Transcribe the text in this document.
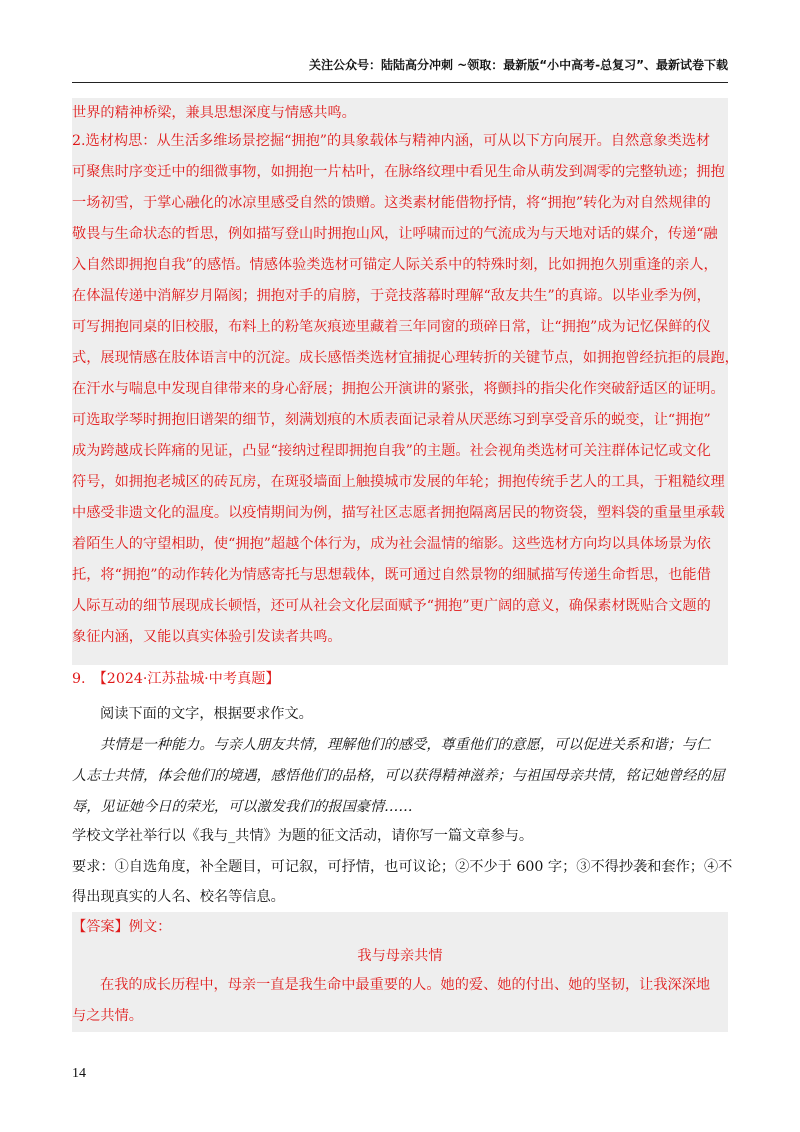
关注公众号：陆陆高分冲刺 ~领取：最新版“小中高考-总复习”、最新试卷下载
世界的精神桥梁，兼具思想深度与情感共鸣。
2.选材构思：从生活多维场景挖掘“拥抱”的具象载体与精神内涵，可从以下方向展开。自然意象类选材
可聚焦时序变迁中的细微事物，如拥抱一片枯叶，在脉络纹理中看见生命从萌发到凋零的完整轨迹；拥抱
一场初雪，于掌心融化的冰凉里感受自然的馈赠。这类素材能借物抒情，将“拥抱”转化为对自然规律的
敬畏与生命状态的哲思，例如描写登山时拥抱山风，让呼啸而过的气流成为与天地对话的媒介，传递“融
入自然即拥抱自我”的感悟。情感体验类选材可锚定人际关系中的特殊时刻，比如拥抱久别重逢的亲人，
在体温传递中消解岁月隔阂；拥抱对手的肩膀，于竞技落幕时理解“敌友共生”的真谛。以毕业季为例，
可写拥抱同桌的旧校服，布料上的粉笔灰痕迹里藏着三年同窗的琐碎日常，让“拥抱”成为记忆保鲜的仪
式，展现情感在肢体语言中的沉淀。成长感悟类选材宜捕捉心理转折的关键节点，如拥抱曾经抗拒的晨跑，
在汗水与喘息中发现自律带来的身心舒展；拥抱公开演讲的紧张，将颤抖的指尖化作突破舒适区的证明。
可选取学琴时拥抱旧谱架的细节，刻满划痕的木质表面记录着从厌恶练习到享受音乐的蜕变，让“拥抱”
成为跨越成长阵痛的见证，凸显“接纳过程即拥抱自我”的主题。社会视角类选材可关注群体记忆或文化
符号，如拥抱老城区的砖瓦房，在斑驳墙面上触摸城市发展的年轮；拥抱传统手艺人的工具，于粗糙纹理
中感受非遗文化的温度。以疫情期间为例，描写社区志愿者拥抱隔离居民的物资袋，塑料袋的重量里承载
着陌生人的守望相助，使“拥抱”超越个体行为，成为社会温情的缩影。这些选材方向均以具体场景为依
托，将“拥抱”的动作转化为情感寄托与思想载体，既可通过自然景物的细腻描写传递生命哲思，也能借
人际互动的细节展现成长顿悟，还可从社会文化层面赋予“拥抱”更广阔的意义，确保素材既贴合文题的
象征内涵，又能以真实体验引发读者共鸣。
9.　【2024·江苏盐城·中考真题】
阅读下面的文字，根据要求作文。
共情是一种能力。与亲人朋友共情，理解他们的感受，尊重他们的意愿，可以促进关系和谐；与仁
人志士共情，体会他们的境遇，感悟他们的品格，可以获得精神滋养；与祖国母亲共情，铭记她曾经的屈
辱，见证她今日的荣光，可以激发我们的报国豪情……
学校文学社举行以《我与_共情》为题的征文活动，请你写一篇文章参与。
要求：①自选角度，补全题目，可记叙，可抒情，也可议论；②不少于 600 字；③不得抄袭和套作；④不
得出现真实的人名、校名等信息。
【答案】例文：
我与母亲共情
在我的成长历程中，母亲一直是我生命中最重要的人。她的爱、她的付出、她的坚韧，让我深深地
与之共情。
14
